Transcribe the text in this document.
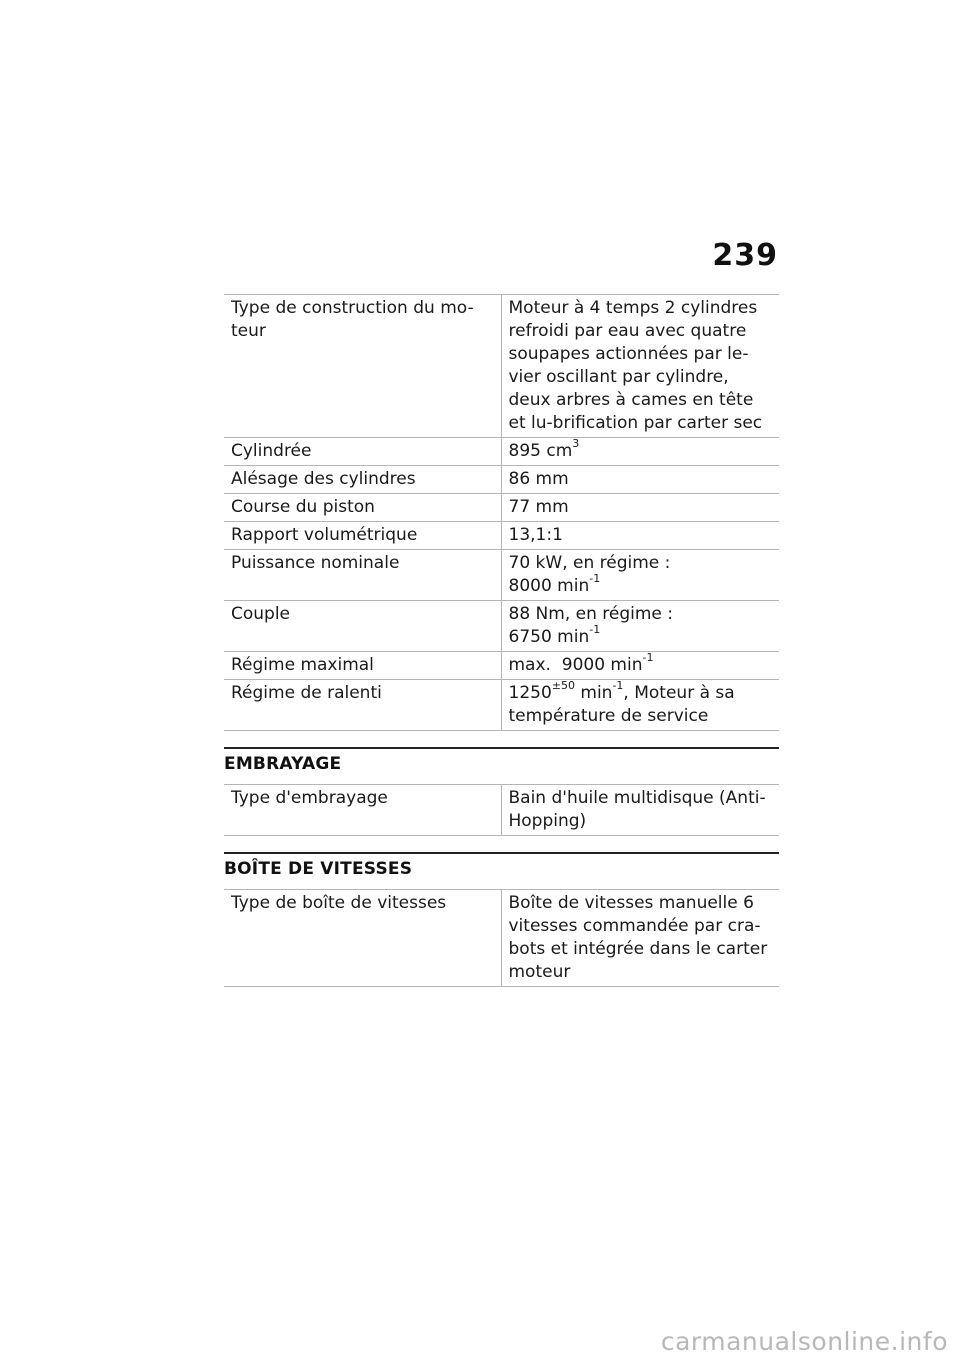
239
Type de construction du mo-
teur	Moteur à 4 temps 2 cylindres refroidi par eau avec quatre soupapes actionnées par le-vier oscillant par cylindre, deux arbres à cames en tête et lu-brification par carter sec
Cylindrée	895 $cm^3$
Alésage des cylindres	86 mm
Course du piston	77 mm
Rapport volumétrique	13,1:1
Puissance nominale	70 kW, en régime :
8000 $\min^{-1}$
Couple	88 Nm, en régime :
6750 $\min^{-1}$
Régime maximal	max.  9000 $\min^{-1}$
Régime de ralenti	$1250^{\pm 50}$ $\min^{-1}$, Moteur à sa température de service
EMBRAYAGE
Type d'embrayage	Bain d'huile multidisque (Anti-Hopping)
BOÎTE DE VITESSES
Type de boîte de vitesses	Boîte de vitesses manuelle 6 vitesses commandée par cra-bots et intégrée dans le carter moteur
carmanualsonline.info
